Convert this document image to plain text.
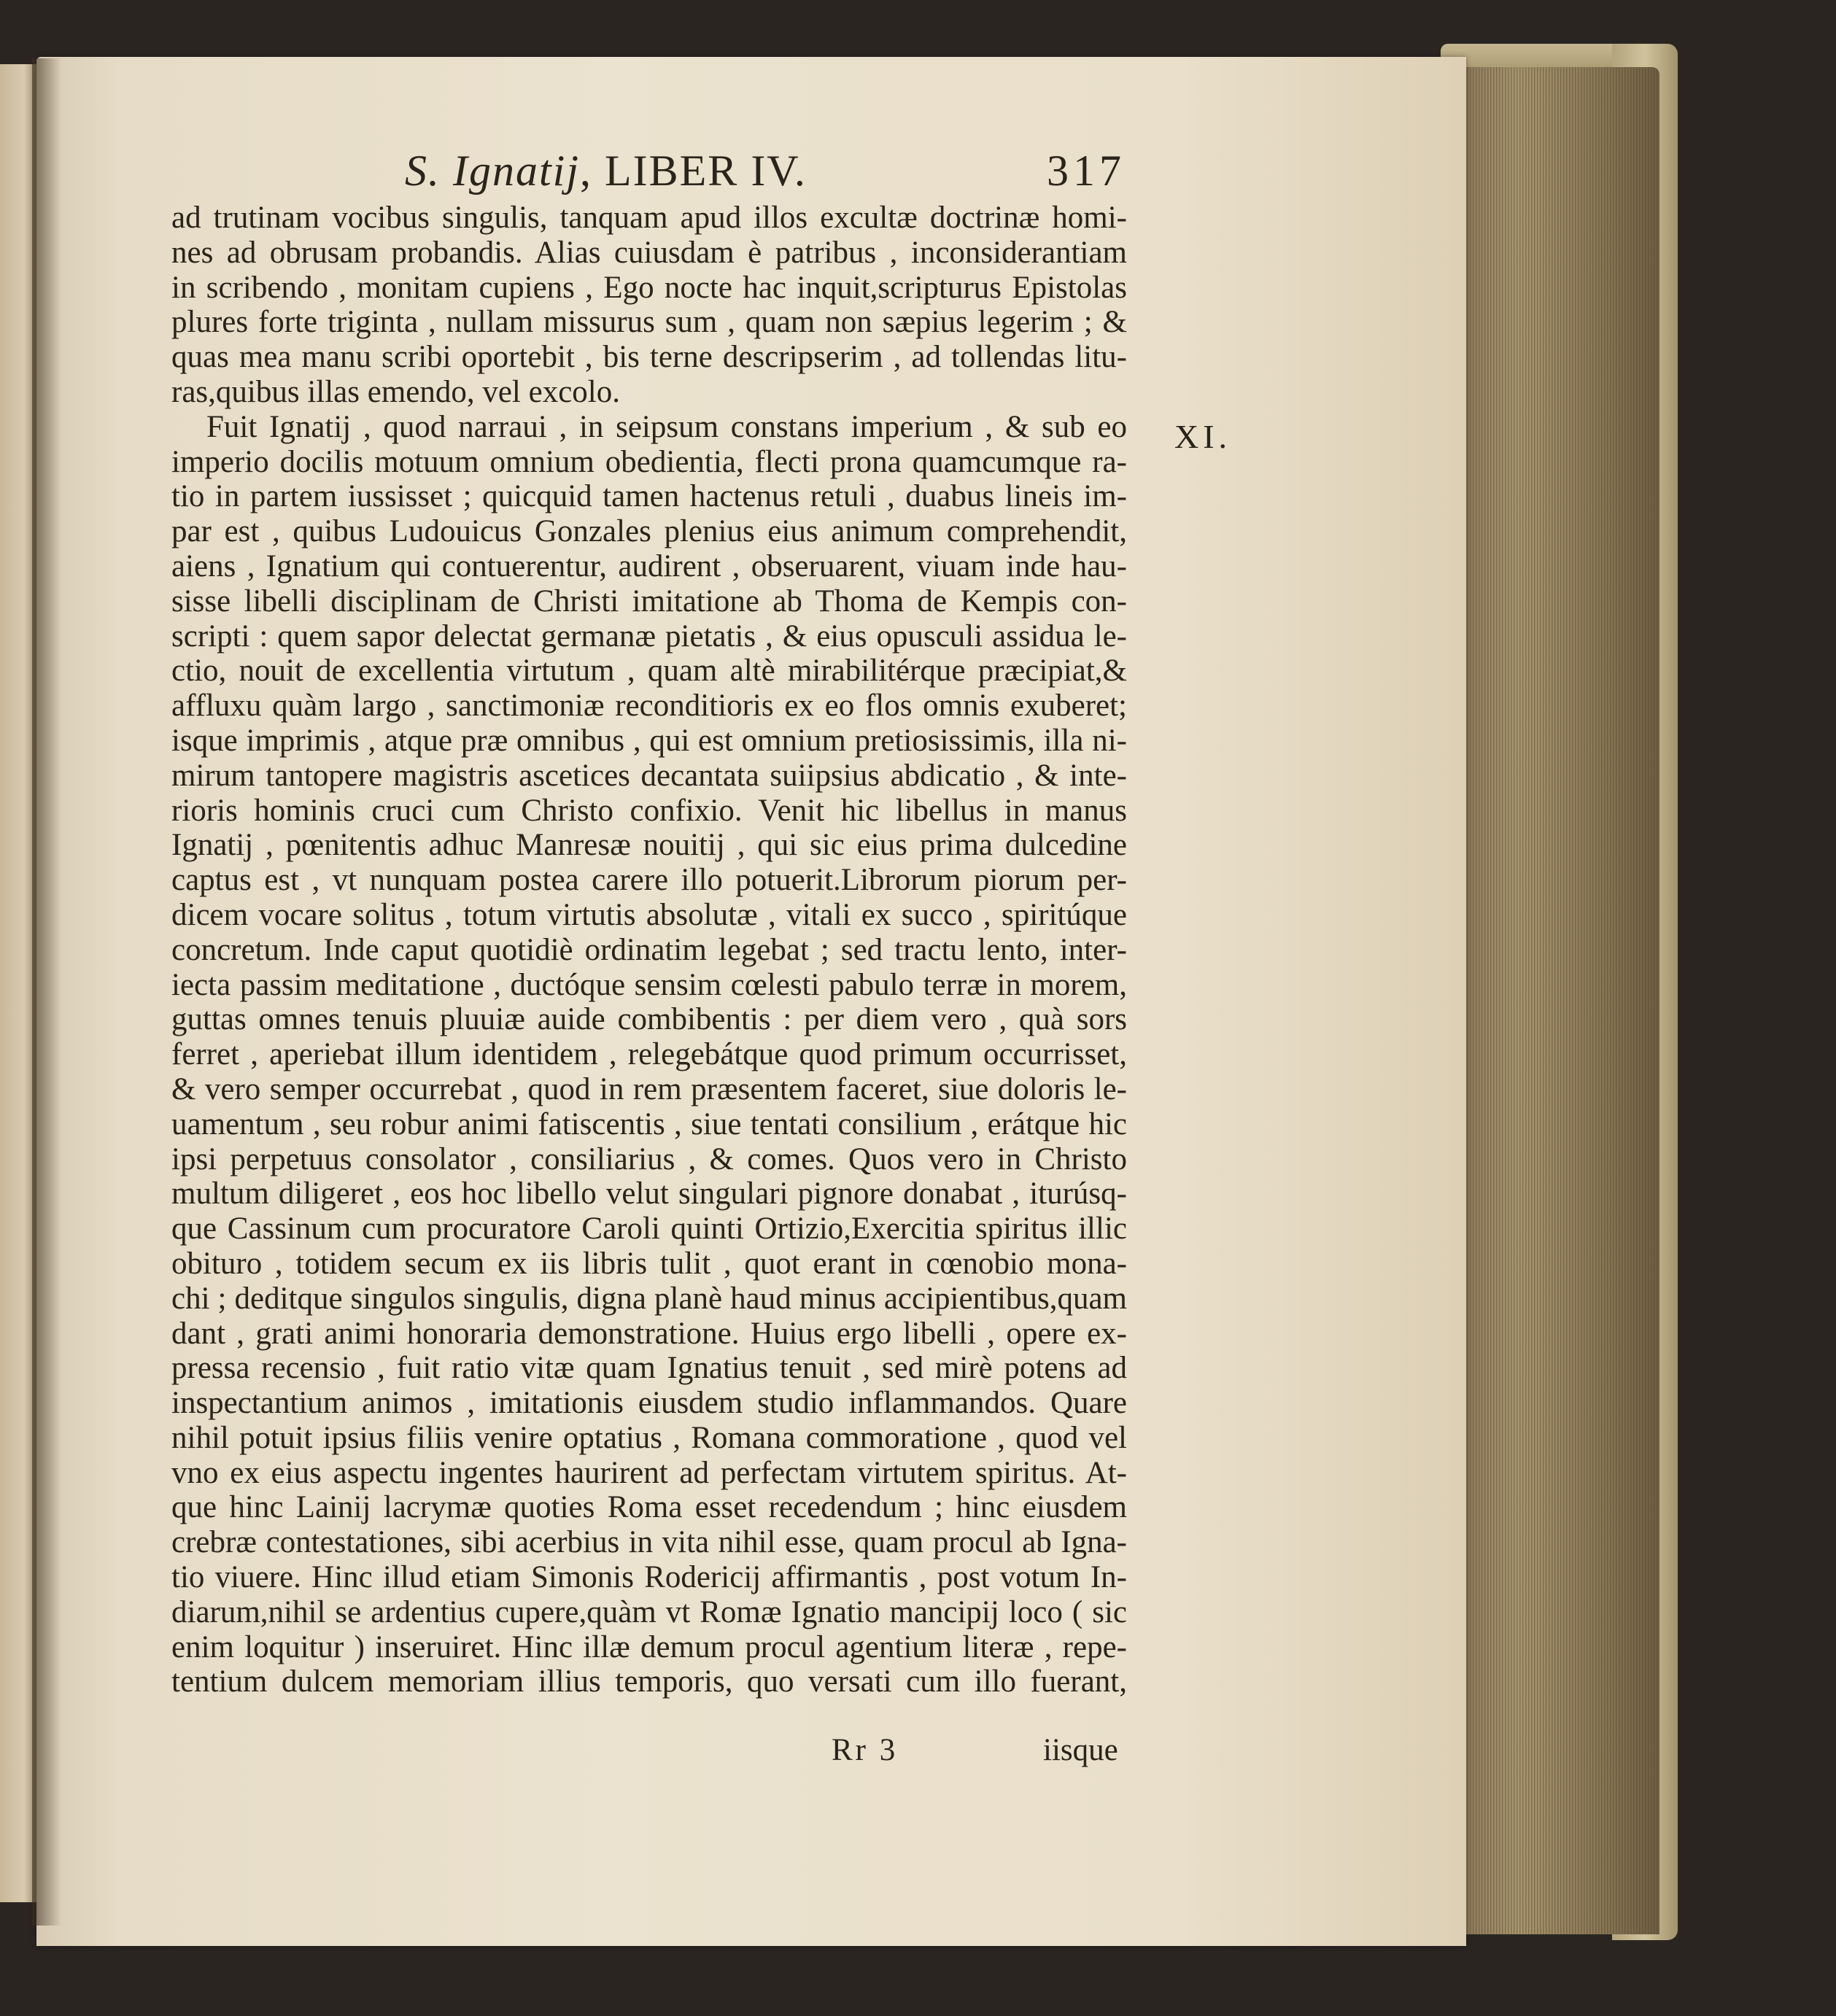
S. Ignatij, LIBER IV.	317
XI.
ad trutinam vocibus singulis, tanquam apud illos excultæ doctrinæ homi-
nes ad obrusam probandis. Alias cuiusdam è patribus , inconsiderantiam
in scribendo , monitam cupiens , Ego nocte hac inquit,scripturus Epistolas
plures forte triginta , nullam missurus sum , quam non sæpius legerim ; &
quas mea manu scribi oportebit , bis terne descripserim , ad tollendas litu-
ras,quibus illas emendo, vel excolo.
Fuit Ignatij , quod narraui , in seipsum constans imperium , & sub eo
imperio docilis motuum omnium obedientia, flecti prona quamcumque ra-
tio in partem iussisset ; quicquid tamen hactenus retuli , duabus lineis im-
par est , quibus Ludouicus Gonzales plenius eius animum comprehendit,
aiens , Ignatium qui contuerentur, audirent , obseruarent, viuam inde hau-
sisse libelli disciplinam de Christi imitatione ab Thoma de Kempis con-
scripti : quem sapor delectat germanæ pietatis , & eius opusculi assidua le-
ctio, nouit de excellentia virtutum , quam altè mirabilitérque præcipiat,&
affluxu quàm largo , sanctimoniæ reconditioris ex eo flos omnis exuberet;
isque imprimis , atque præ omnibus , qui est omnium pretiosissimis, illa ni-
mirum tantopere magistris ascetices decantata suiipsius abdicatio , & inte-
rioris hominis cruci cum Christo confixio. Venit hic libellus in manus
Ignatij , pœnitentis adhuc Manresæ nouitij , qui sic eius prima dulcedine
captus est , vt nunquam postea carere illo potuerit.Librorum piorum per-
dicem vocare solitus , totum virtutis absolutæ , vitali ex succo , spiritúque
concretum. Inde caput quotidiè ordinatim legebat ; sed tractu lento, inter-
iecta passim meditatione , ductóque sensim cœlesti pabulo terræ in morem,
guttas omnes tenuis pluuiæ auide combibentis : per diem vero , quà sors
ferret , aperiebat illum identidem , relegebátque quod primum occurrisset,
& vero semper occurrebat , quod in rem præsentem faceret, siue doloris le-
uamentum , seu robur animi fatiscentis , siue tentati consilium , erátque hic
ipsi perpetuus consolator , consiliarius , & comes. Quos vero in Christo
multum diligeret , eos hoc libello velut singulari pignore donabat , iturúsq-
que Cassinum cum procuratore Caroli quinti Ortizio,Exercitia spiritus illic
obituro , totidem secum ex iis libris tulit , quot erant in cœnobio mona-
chi ; deditque singulos singulis, digna planè haud minus accipientibus,quam
dant , grati animi honoraria demonstratione. Huius ergo libelli , opere ex-
pressa recensio , fuit ratio vitæ quam Ignatius tenuit , sed mirè potens ad
inspectantium animos , imitationis eiusdem studio inflammandos. Quare
nihil potuit ipsius filiis venire optatius , Romana commoratione , quod vel
vno ex eius aspectu ingentes haurirent ad perfectam virtutem spiritus. At-
que hinc Lainij lacrymæ quoties Roma esset recedendum ; hinc eiusdem
crebræ contestationes, sibi acerbius in vita nihil esse, quam procul ab Igna-
tio viuere. Hinc illud etiam Simonis Rodericij affirmantis , post votum In-
diarum,nihil se ardentius cupere,quàm vt Romæ Ignatio mancipij loco ( sic
enim loquitur ) inseruiret. Hinc illæ demum procul agentium literæ , repe-
tentium dulcem memoriam illius temporis, quo versati cum illo fuerant,
Rr 3	iisque
